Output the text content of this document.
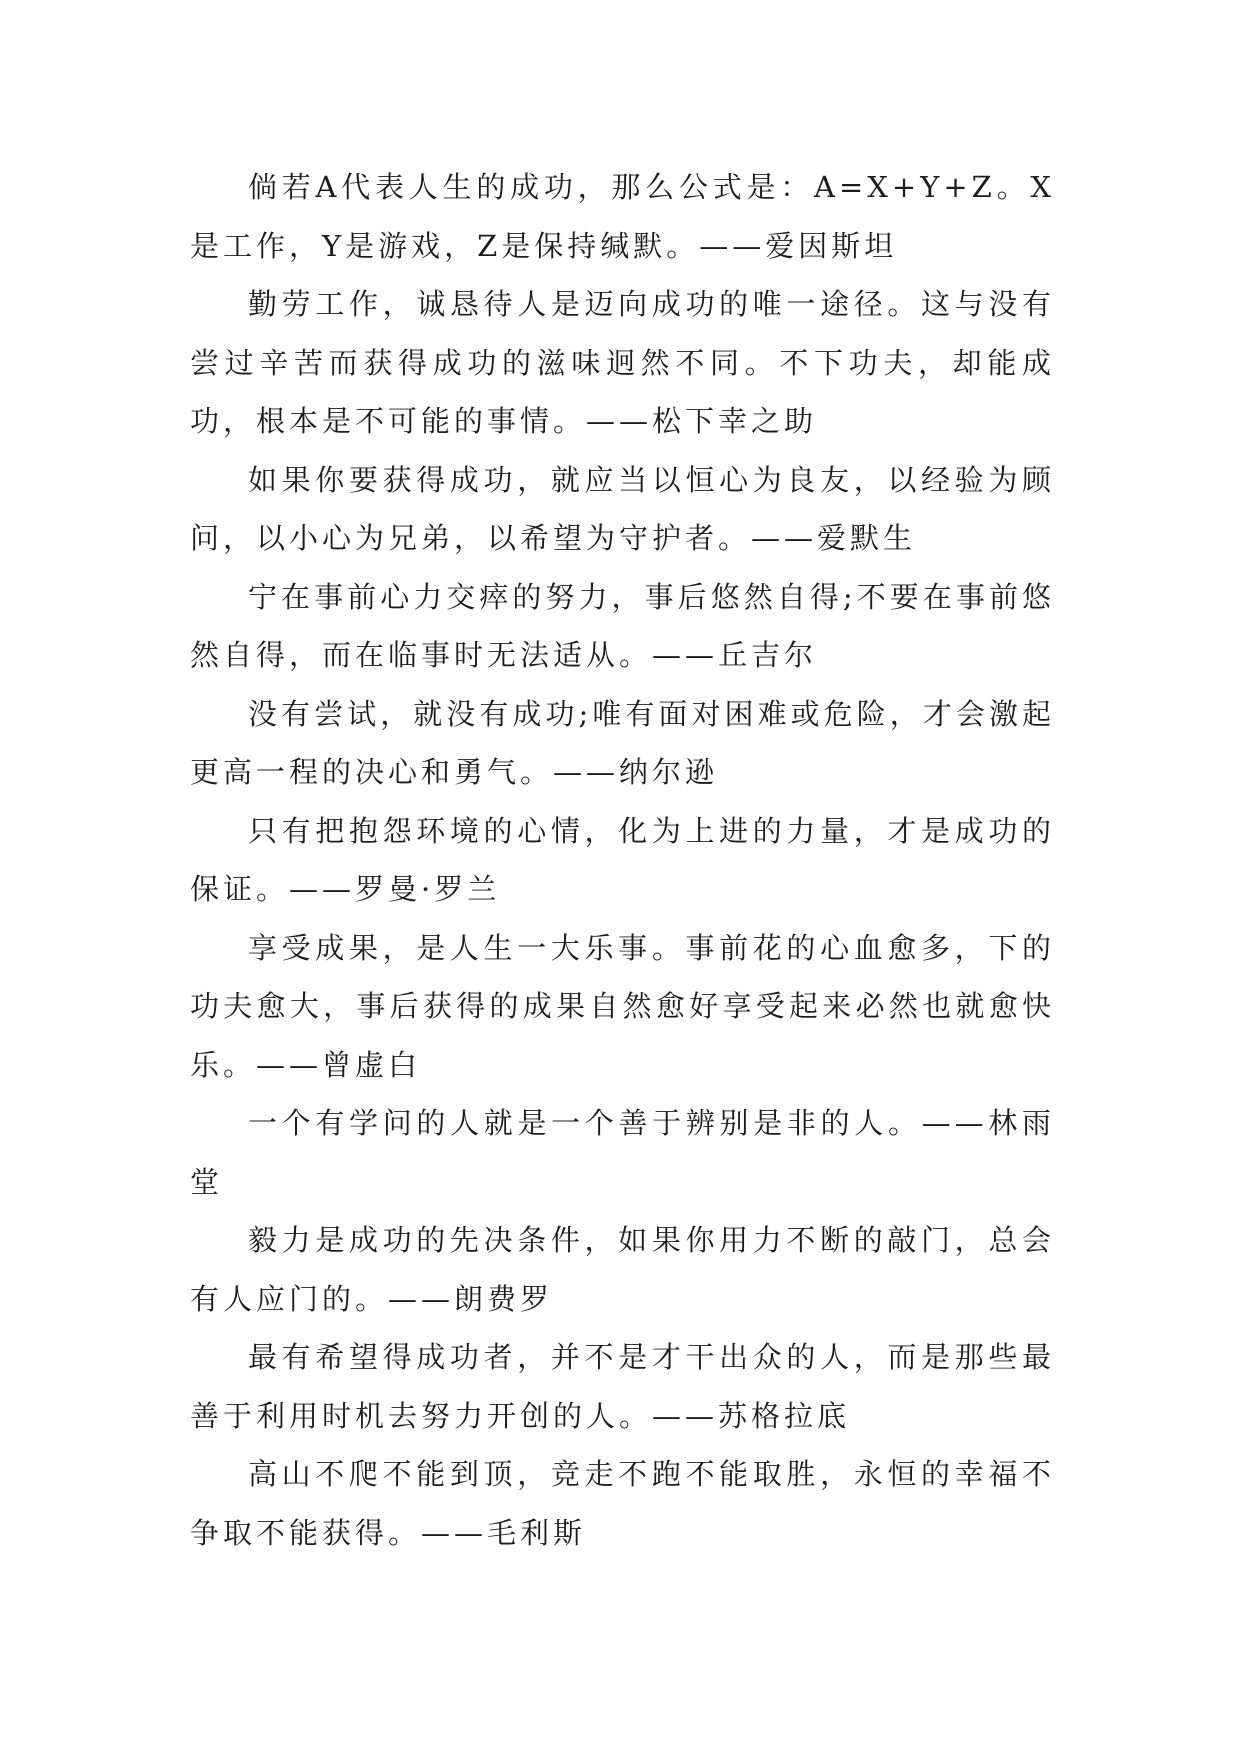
倘若A代表人生的成功，那么公式是：A=X+Y+Z。X是工作，Y是游戏，Z是保持缄默。——爱因斯坦

勤劳工作，诚恳待人是迈向成功的唯一途径。这与没有尝过辛苦而获得成功的滋味迥然不同。不下功夫，却能成功，根本是不可能的事情。——松下幸之助

如果你要获得成功，就应当以恒心为良友，以经验为顾问，以小心为兄弟，以希望为守护者。——爱默生

宁在事前心力交瘁的努力，事后悠然自得;不要在事前悠然自得，而在临事时无法适从。——丘吉尔

没有尝试，就没有成功;唯有面对困难或危险，才会激起更高一程的决心和勇气。——纳尔逊

只有把抱怨环境的心情，化为上进的力量，才是成功的保证。——罗曼·罗兰

享受成果，是人生一大乐事。事前花的心血愈多，下的功夫愈大，事后获得的成果自然愈好享受起来必然也就愈快乐。——曾虚白

一个有学问的人就是一个善于辨别是非的人。——林雨堂

毅力是成功的先决条件，如果你用力不断的敲门，总会有人应门的。——朗费罗

最有希望得成功者，并不是才干出众的人，而是那些最善于利用时机去努力开创的人。——苏格拉底

高山不爬不能到顶，竞走不跑不能取胜，永恒的幸福不争取不能获得。——毛利斯
